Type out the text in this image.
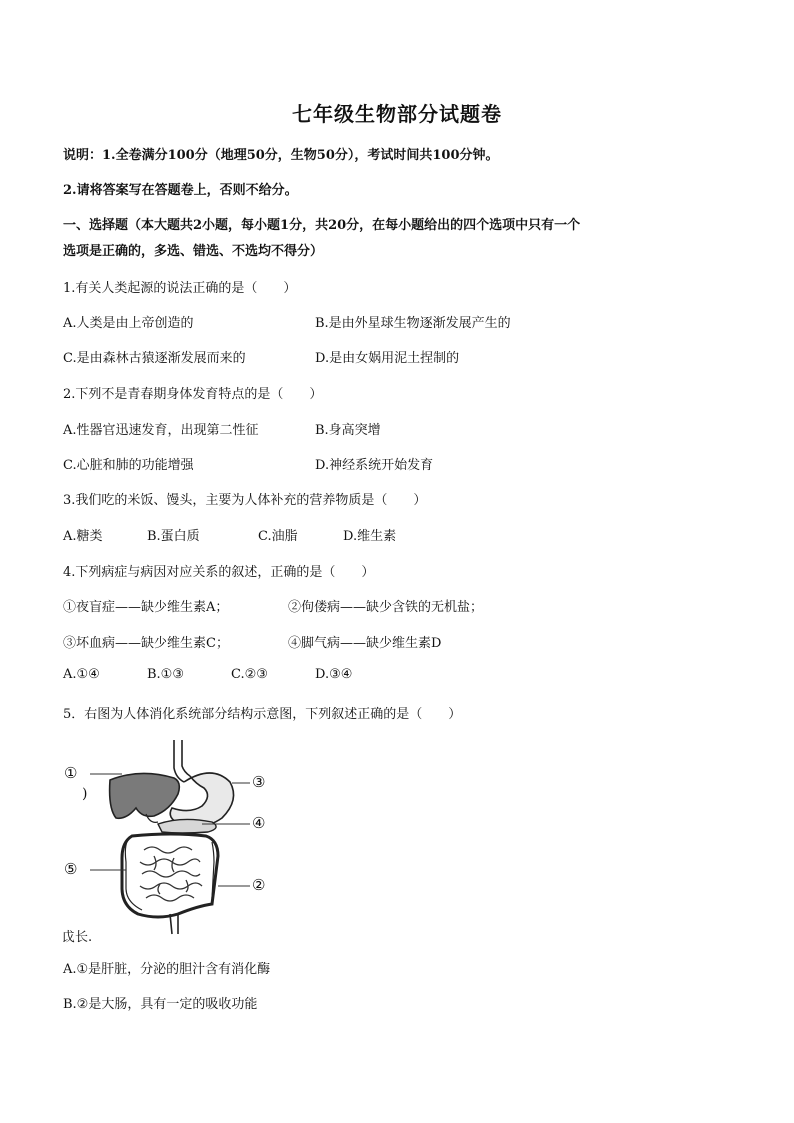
七年级生物部分试题卷
说明：1.全卷满分100分（地理50分，生物50分），考试时间共100分钟。
2.请将答案写在答题卷上，否则不给分。
一、选择题（本大题共2小题，每小题1分，共20分，在每小题给出的四个选项中只有一个
选项是正确的，多选、错选、不选均不得分）
1.有关人类起源的说法正确的是（　　）
A.人类是由上帝创造的	B.是由外星球生物逐渐发展产生的
C.是由森林古猿逐渐发展而来的	D.是由女娲用泥土捏制的
2.下列不是青春期身体发育特点的是（　　）
A.性器官迅速发育，出现第二性征	B.身高突增
C.心脏和肺的功能增强	D.神经系统开始发育
3.我们吃的米饭、馒头，主要为人体补充的营养物质是（　　）
A.糖类	B.蛋白质	C.油脂	D.维生素
4.下列病症与病因对应关系的叙述，正确的是（　　）
①夜盲症——缺少维生素A；	②佝偻病——缺少含铁的无机盐；
③坏血病——缺少维生素C；	④脚气病——缺少维生素D
A.①④	B.①③	C.②③	D.③④
5．右图为人体消化系统部分结构示意图，下列叙述正确的是（　　）
①
)
③
④
⑤
②
戉长.
A.①是肝脏，分泌的胆汁含有消化酶
B.②是大肠，具有一定的吸收功能
